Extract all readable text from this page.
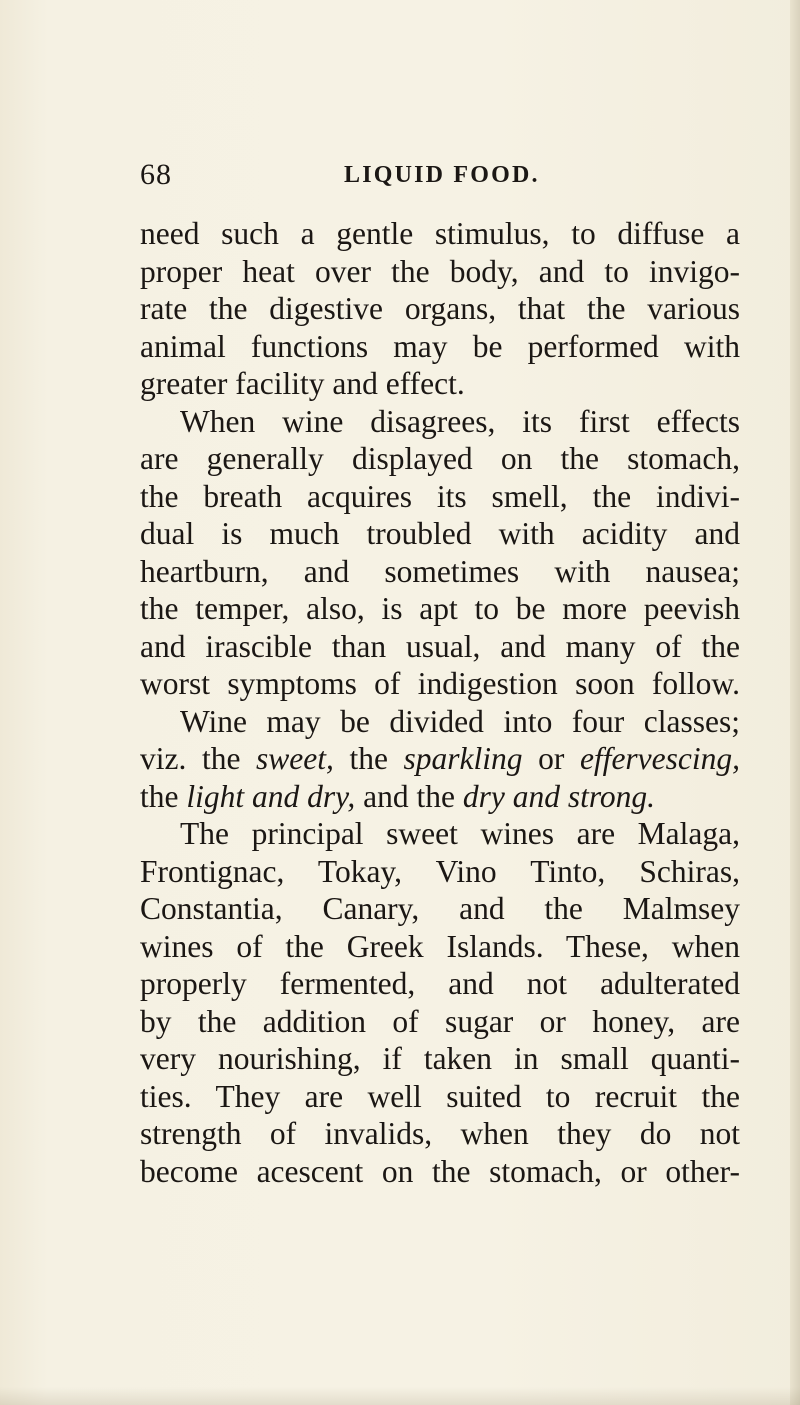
68	LIQUID FOOD.
need such a gentle stimulus, to diffuse a
proper heat over the body, and to invigo-
rate the digestive organs, that the various
animal functions may be performed with
greater facility and effect.
When wine disagrees, its first effects
are generally displayed on the stomach,
the breath acquires its smell, the indivi-
dual is much troubled with acidity and
heartburn, and sometimes with nausea;
the temper, also, is apt to be more peevish
and irascible than usual, and many of the
worst symptoms of indigestion soon follow.
Wine may be divided into four classes;
viz. the sweet, the sparkling or effervescing,
the light and dry, and the dry and strong.
The principal sweet wines are Malaga,
Frontignac, Tokay, Vino Tinto, Schiras,
Constantia, Canary, and the Malmsey
wines of the Greek Islands. These, when
properly fermented, and not adulterated
by the addition of sugar or honey, are
very nourishing, if taken in small quanti-
ties. They are well suited to recruit the
strength of invalids, when they do not
become acescent on the stomach, or other-
